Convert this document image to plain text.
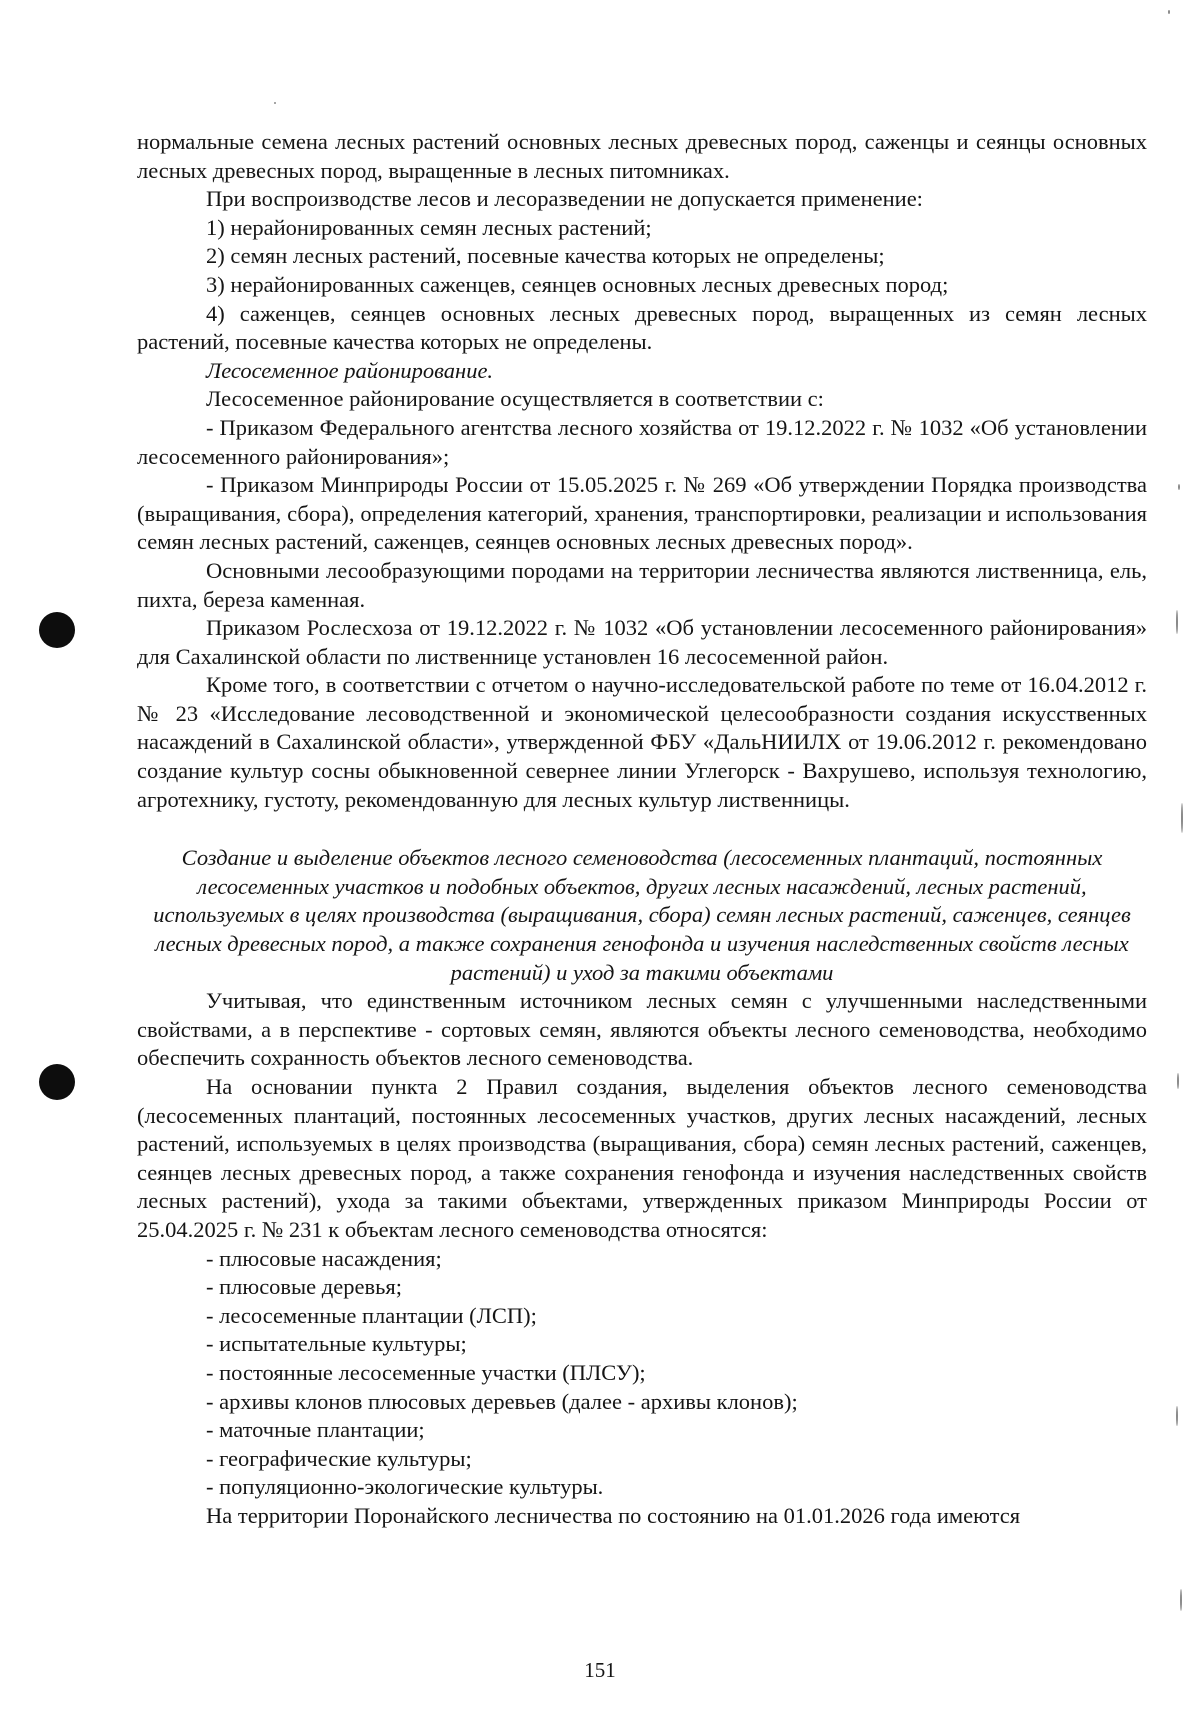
нормальные семена лесных растений основных лесных древесных пород, саженцы и сеянцы основных лесных древесных пород, выращенные в лесных питомниках.

При воспроизводстве лесов и лесоразведении не допускается применение:

1) нерайонированных семян лесных растений;

2) семян лесных растений, посевные качества которых не определены;

3) нерайонированных саженцев, сеянцев основных лесных древесных пород;

4) саженцев, сеянцев основных лесных древесных пород, выращенных из семян лесных растений, посевные качества которых не определены.

Лесосеменное районирование.

Лесосеменное районирование осуществляется в соответствии с:

- Приказом Федерального агентства лесного хозяйства от 19.12.2022 г. № 1032 «Об установлении лесосеменного районирования»;

- Приказом Минприроды России от 15.05.2025 г. № 269 «Об утверждении Порядка производства (выращивания, сбора), определения категорий, хранения, транспортировки, реализации и использования семян лесных растений, саженцев, сеянцев основных лесных древесных пород».

Основными лесообразующими породами на территории лесничества являются лиственница, ель, пихта, береза каменная.

Приказом Рослесхоза от 19.12.2022 г. № 1032 «Об установлении лесосеменного районирования» для Сахалинской области по лиственнице установлен 16 лесосеменной район.

Кроме того, в соответствии с отчетом о научно-исследовательской работе по теме от 16.04.2012 г. № 23 «Исследование лесоводственной и экономической целесообразности создания искусственных насаждений в Сахалинской области», утвержденной ФБУ «ДальНИИЛХ от 19.06.2012 г. рекомендовано создание культур сосны обыкновенной севернее линии Углегорск - Вахрушево, используя технологию, агротехнику, густоту, рекомендованную для лесных культур лиственницы.

Создание и выделение объектов лесного семеноводства (лесосеменных плантаций, постоянных лесосеменных участков и подобных объектов, других лесных насаждений, лесных растений, используемых в целях производства (выращивания, сбора) семян лесных растений, саженцев, сеянцев лесных древесных пород, а также сохранения генофонда и изучения наследственных свойств лесных растений) и уход за такими объектами

Учитывая, что единственным источником лесных семян с улучшенными наследственными свойствами, а в перспективе - сортовых семян, являются объекты лесного семеноводства, необходимо обеспечить сохранность объектов лесного семеноводства.

На основании пункта 2 Правил создания, выделения объектов лесного семеноводства (лесосеменных плантаций, постоянных лесосеменных участков, других лесных насаждений, лесных растений, используемых в целях производства (выращивания, сбора) семян лесных растений, саженцев, сеянцев лесных древесных пород, а также сохранения генофонда и изучения наследственных свойств лесных растений), ухода за такими объектами, утвержденных приказом Минприроды России от 25.04.2025 г. № 231 к объектам лесного семеноводства относятся:

- плюсовые насаждения;

- плюсовые деревья;

- лесосеменные плантации (ЛСП);

- испытательные культуры;

- постоянные лесосеменные участки (ПЛСУ);

- архивы клонов плюсовых деревьев (далее - архивы клонов);

- маточные плантации;

- географические культуры;

- популяционно-экологические культуры.

На территории Поронайского лесничества по состоянию на 01.01.2026 года имеются

151
